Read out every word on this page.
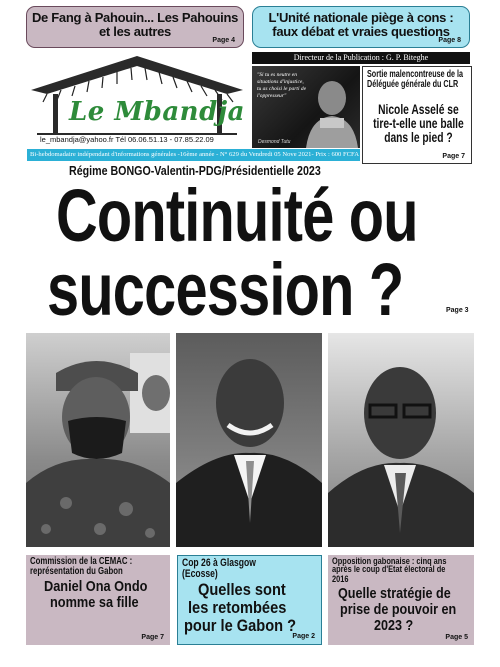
De Fang à Pahouin... Les Pahouins et les autres
Page 4
L'Unité nationale piège à cons : faux débat et vraies questions
Page 8
Directeur de la Publication : G. P. Biteghe
Le Mbandja
le_mbandja@yahoo.fr Tél 06.06.51.13 - 07.85.22.09
"Si tu es neutre en situations d'injustice, tu as choisi le parti de l'oppresseur"
Desmond Tutu
Sortie malencontreuse de la Déléguée générale du CLR
Nicole Asselé se tire-t-elle une balle dans le pied ?
Page 7
Bi-hebdomadaire indépendant d'informations générales -16ème année - N° 629 du Vendredi 05 Nove 2021- Prix : 600 FCFA
Régime BONGO-Valentin-PDG/Présidentielle 2023
Continuité ou
succession ?	Page 3
Commission de la CEMAC :
représentation du Gabon
Daniel Ona Ondo
nomme sa fille
Page 7
Cop 26 à Glasgow
(Ecosse)
Quelles sont
les retombées
pour le Gabon ?
Page 2
Opposition gabonaise : cinq ans
après le coup d'Etat électoral de
2016
Quelle stratégie de
prise de pouvoir en
2023 ?
Page 5
